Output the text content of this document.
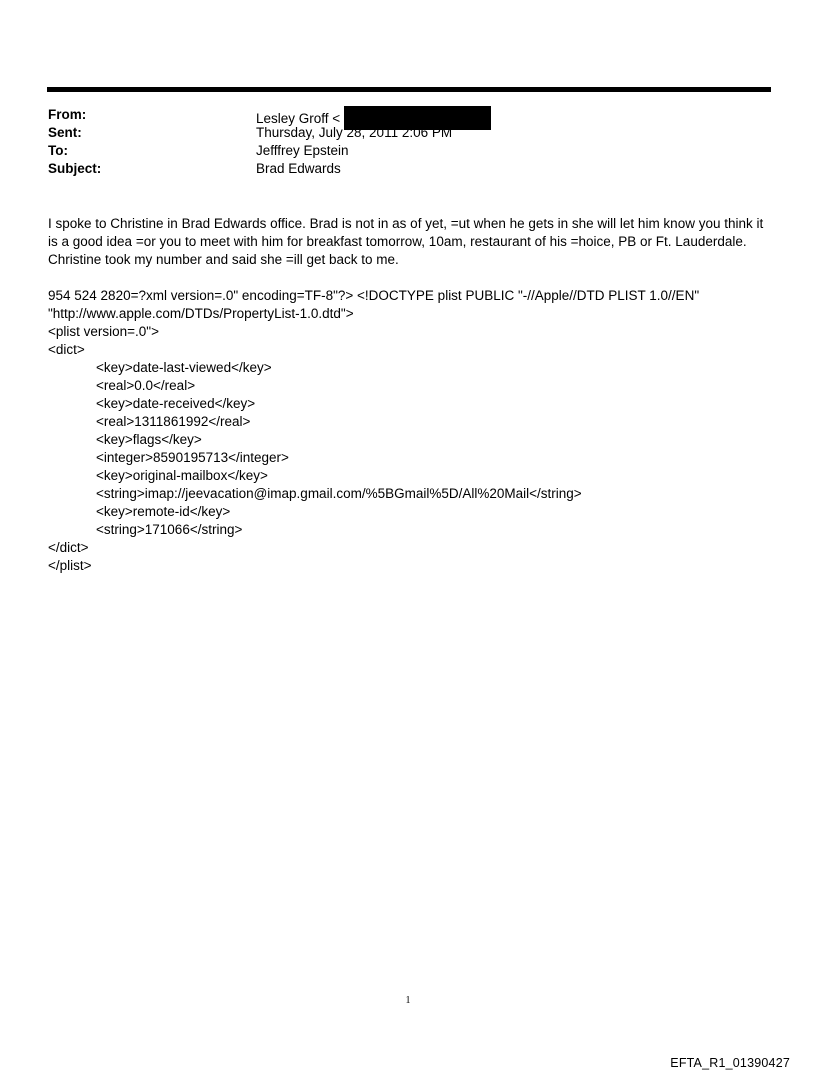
From:	Lesley Groff <
Sent:	Thursday, July 28, 2011 2:06 PM
To:	Jefffrey Epstein
Subject:	Brad Edwards
I spoke to Christine in Brad Edwards office. Brad is not in as of yet, =ut when he gets in she will let him know you think it
is a good idea =or you to meet with him for breakfast tomorrow, 10am, restaurant of his =hoice, PB or Ft. Lauderdale.
Christine took my number and said she =ill get back to me.
954 524 2820=?xml version=.0" encoding=TF-8"?> <!DOCTYPE plist PUBLIC "-//Apple//DTD PLIST 1.0//EN"
"http://www.apple.com/DTDs/PropertyList-1.0.dtd">
<plist version=.0">
<dict>
<key>date-last-viewed</key>
<real>0.0</real>
<key>date-received</key>
<real>1311861992</real>
<key>flags</key>
<integer>8590195713</integer>
<key>original-mailbox</key>
<string>imap://jeevacation@imap.gmail.com/%5BGmail%5D/All%20Mail</string>
<key>remote-id</key>
<string>171066</string>
</dict>
</plist>
1
EFTA_R1_01390427
